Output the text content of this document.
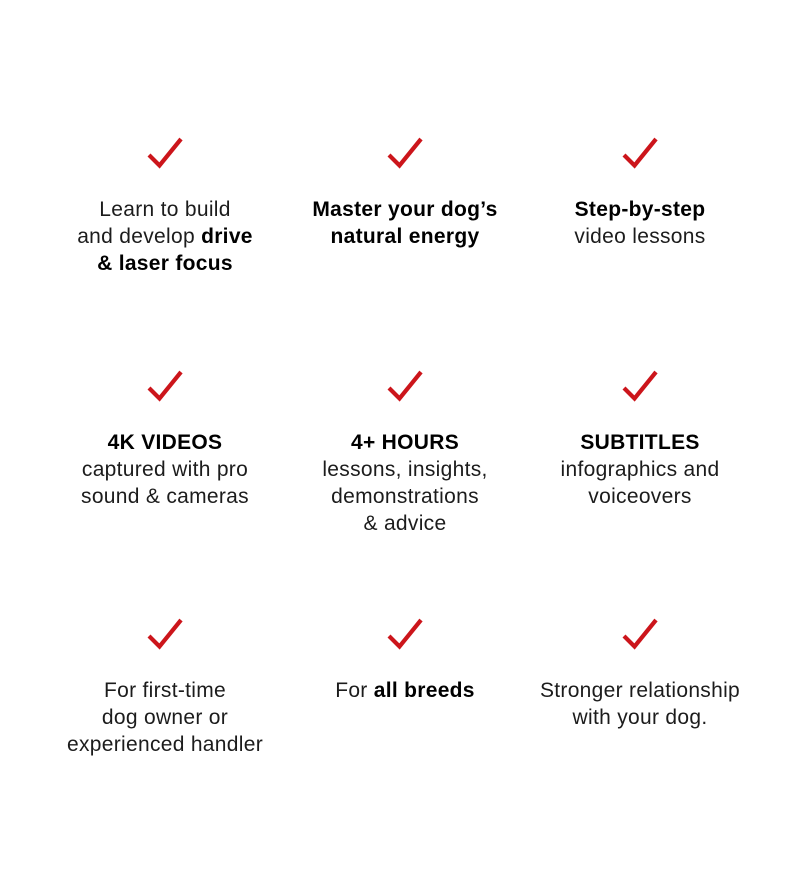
Learn to build
and develop drive
& laser focus
Master your dog’s
natural energy
Step-by-step
video lessons
4K VIDEOS
captured with pro
sound & cameras
4+ HOURS
lessons, insights,
demonstrations
& advice
SUBTITLES
infographics and
voiceovers
For first-time
dog owner or
experienced handler
For all breeds	Stronger relationship
with your dog.
